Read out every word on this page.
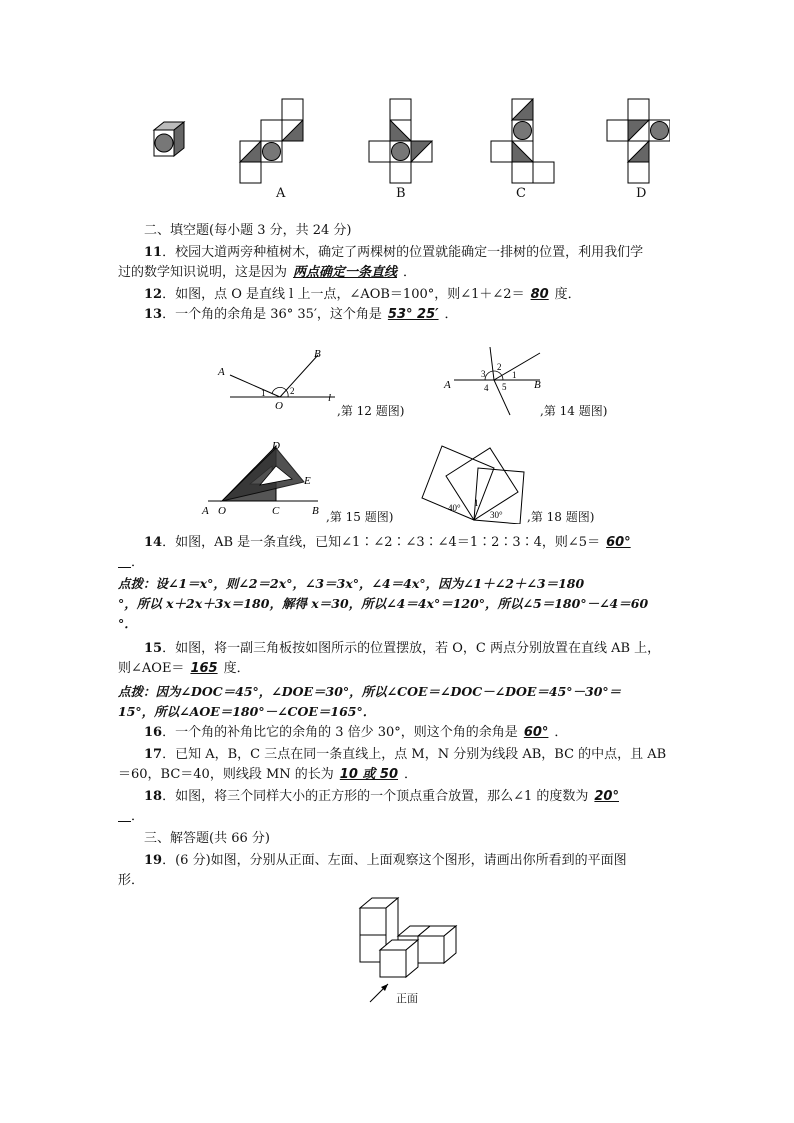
A	B	C	D
二、填空题(每小题 3 分，共 24 分)
11．校园大道两旁种植树木，确定了两棵树的位置就能确定一排树的位置，利用我们学
过的数学知识说明，这是因为 两点确定一条直线 ．
12．如图，点 O 是直线 l 上一点，∠AOB＝100°，则∠1＋∠2＝ 80 度．
13．一个角的余角是 36° 35′，这个角是 53° 25′ ．
A
B
O
l
1	2
,第 12 题图)
A	B
1
2
3
4 5
,第 14 题图)
A O	C	B
D
E
,第 15 题图)
40° 1
30° ,第 18 题图)
14．如图，AB 是一条直线，已知∠1∶∠2∶∠3∶∠4＝1∶2∶3∶4，则∠5＝ 60°
 ．
点拨：设∠1＝x°，则∠2＝2x°，∠3＝3x°，∠4＝4x°，因为∠1＋∠2＋∠3＝180
°，所以 x＋2x＋3x＝180，解得 x＝30，所以∠4＝4x°＝120°，所以∠5＝180°－∠4＝60
°．
15．如图，将一副三角板按如图所示的位置摆放，若 O，C 两点分别放置在直线 AB 上，
则∠AOE＝ 165 度．
点拨：因为∠DOC＝45°，∠DOE＝30°，所以∠COE＝∠DOC－∠DOE＝45°－30°＝
15°，所以∠AOE＝180°－∠COE＝165°．
16．一个角的补角比它的余角的 3 倍少 30°，则这个角的余角是 60° ．
17．已知 A，B，C 三点在同一条直线上，点 M，N 分别为线段 AB，BC 的中点，且 AB
＝60，BC＝40，则线段 MN 的长为 10 或 50 ．
18．如图，将三个同样大小的正方形的一个顶点重合放置，那么∠1 的度数为 20°
 ．
三、解答题(共 66 分)
19．(6 分)如图，分别从正面、左面、上面观察这个图形，请画出你所看到的平面图
形．
正面
